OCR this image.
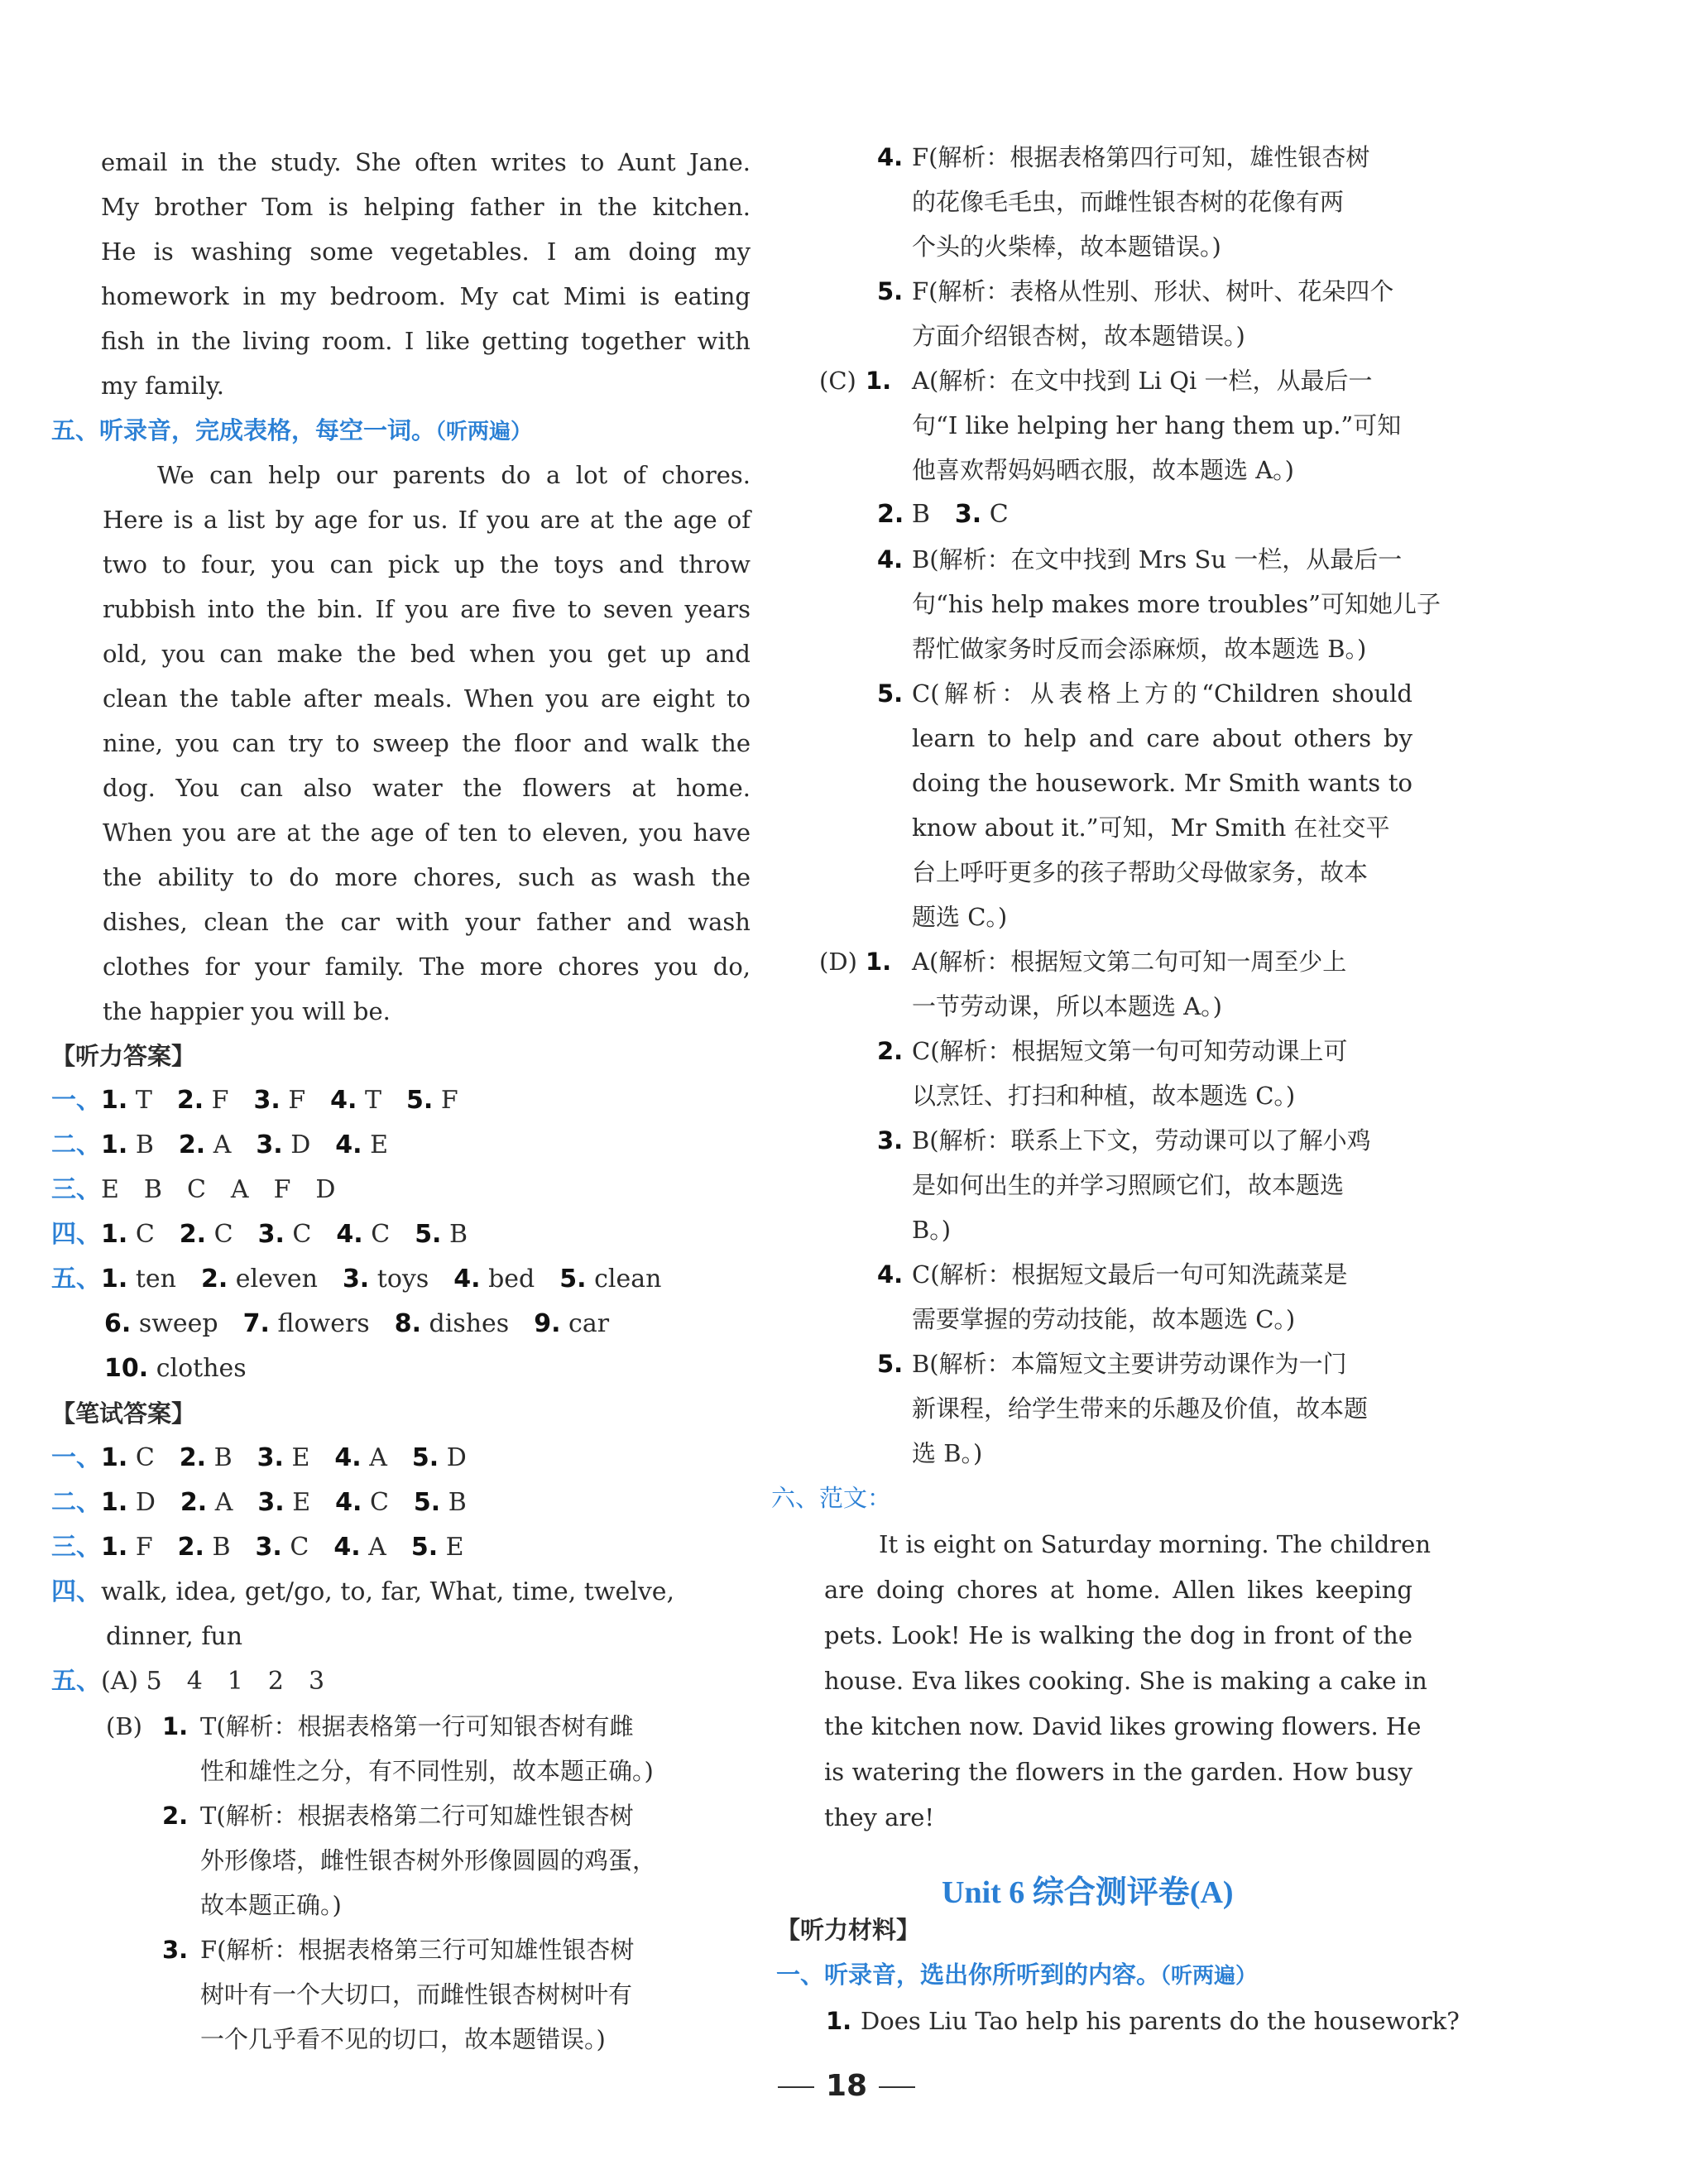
email in the study. She often writes to Aunt Jane.
My brother Tom is helping father in the kitchen.
He is washing some vegetables. I am doing my
homework in my bedroom. My cat Mimi is eating
fish in the living room. I like getting together with
my family.
五、听录音，完成表格，每空一词。（听两遍）
We can help our parents do a lot of chores.
Here is a list by age for us. If you are at the age of
two to four, you can pick up the toys and throw
rubbish into the bin. If you are five to seven years
old, you can make the bed when you get up and
clean the table after meals. When you are eight to
nine, you can try to sweep the floor and walk the
dog. You can also water the flowers at home.
When you are at the age of ten to eleven, you have
the ability to do more chores, such as wash the
dishes, clean the car with your father and wash
clothes for your family. The more chores you do,
the happier you will be.
【听力答案】
一、1. T　 2. F　 3. F　 4. T　 5. F
二、1. B　 2. A　 3. D　 4. E
三、E　B　C　A　F　D
四、1. C　 2. C　 3. C　 4. C　 5. B
五、1. ten　 2. eleven　 3. toys　 4. bed　 5. clean
6. sweep　 7. flowers　 8. dishes　 9. car
10. clothes
【笔试答案】
一、1. C　 2. B　 3. E　 4. A　 5. D
二、1. D　 2. A　 3. E　 4. C　 5. B
三、1. F　 2. B　 3. C　 4. A　 5. E
四、walk, idea, get/go, to, far, What, time, twelve,
dinner, fun
五、(A) 5　4　1　2　3
(B) 1. T(解析：根据表格第一行可知银杏树有雌
性和雄性之分，有不同性别，故本题正确。)
2. T(解析：根据表格第二行可知雄性银杏树
外形像塔，雌性银杏树外形像圆圆的鸡蛋，
故本题正确。)
3. F(解析：根据表格第三行可知雄性银杏树
树叶有一个大切口，而雌性银杏树树叶有
一个几乎看不见的切口，故本题错误。)
4. F(解析：根据表格第四行可知，雄性银杏树
的花像毛毛虫，而雌性银杏树的花像有两
个头的火柴棒，故本题错误。)
5. F(解析：表格从性别、形状、树叶、花朵四个
方面介绍银杏树，故本题错误。)
(C) 1. A(解析：在文中找到 Li Qi 一栏，从最后一
句“I like helping her hang them up.”可知
他喜欢帮妈妈晒衣服，故本题选 A。)
2. B　 3. C
4. B(解析：在文中找到 Mrs Su 一栏，从最后一
句“his help makes more troubles”可知她儿子
帮忙做家务时反而会添麻烦，故本题选 B。)
5. C(解析：从表格上方的“Children should
learn to help and care about others by
doing the housework. Mr Smith wants to
know about it.”可知，Mr Smith 在社交平
台上呼吁更多的孩子帮助父母做家务，故本
题选 C。)
(D) 1. A(解析：根据短文第二句可知一周至少上
一节劳动课，所以本题选 A。)
2. C(解析：根据短文第一句可知劳动课上可
以烹饪、打扫和种植，故本题选 C。)
3. B(解析：联系上下文，劳动课可以了解小鸡
是如何出生的并学习照顾它们，故本题选
B。)
4. C(解析：根据短文最后一句可知洗蔬菜是
需要掌握的劳动技能，故本题选 C。)
5. B(解析：本篇短文主要讲劳动课作为一门
新课程，给学生带来的乐趣及价值，故本题
选 B。)
六、范文：
It is eight on Saturday morning. The children
are doing chores at home. Allen likes keeping
pets. Look! He is walking the dog in front of the
house. Eva likes cooking. She is making a cake in
the kitchen now. David likes growing flowers. He
is watering the flowers in the garden. How busy
they are!
【听力材料】
一、听录音，选出你所听到的内容。（听两遍）
1. Does Liu Tao help his parents do the housework?
Unit 6 综合测评卷(A)
18
